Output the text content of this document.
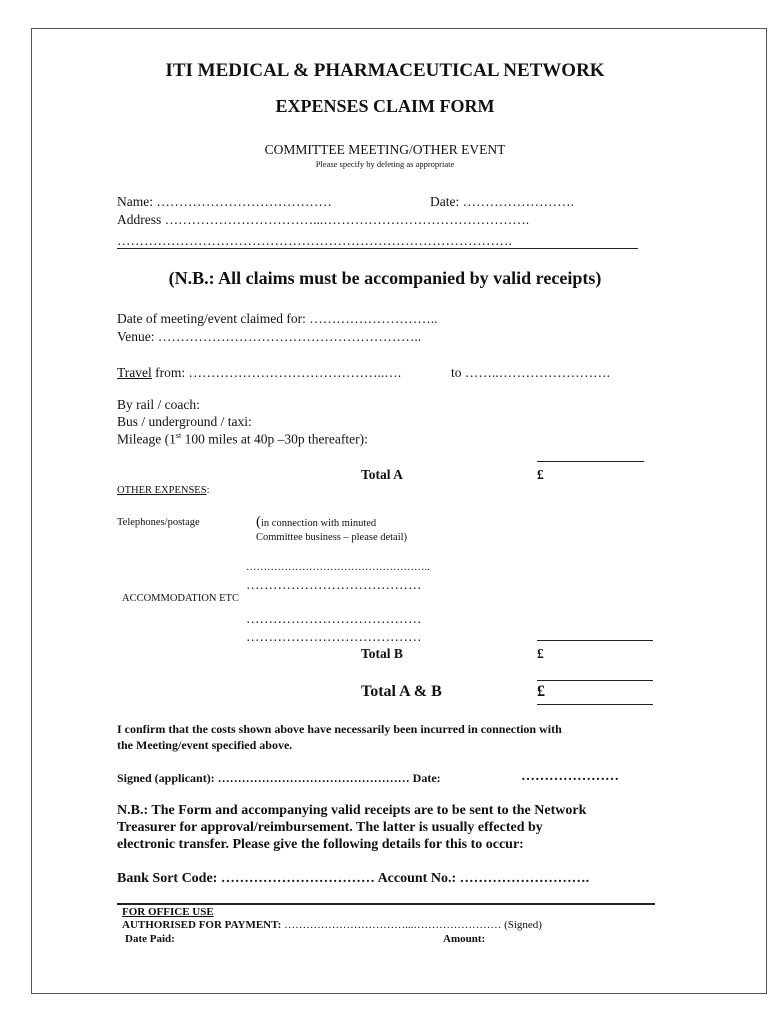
ITI MEDICAL & PHARMACEUTICAL NETWORK
EXPENSES CLAIM FORM
COMMITTEE MEETING/OTHER EVENT
Please specify by deleting as appropriate
Name: …………………………………	Date: …………………….
Address ……………………………...……………………………………….
…………………………………………………………………………….
(N.B.: All claims must be accompanied by valid receipts)
Date of meeting/event claimed for: ………………………..
Venue: …………………………………………………..
Travel from: ……………………………………..….	to ……..…………………….
By rail / coach:
Bus / underground / taxi:
Mileage (1st 100 miles at 40p –30p thereafter):
Total A	£
OTHER EXPENSES:
Telephones/postage	(in connection with minuted
Committee business – please detail)
……………………………………………..
…………………………………
ACCOMMODATION ETC
…………………………………
…………………………………
Total B	£
Total A & B	£
I confirm that the costs shown above have necessarily been incurred in connection with
the Meeting/event specified above.
Signed (applicant): ………………………………………… Date:	…………………
N.B.: The Form and accompanying valid receipts are to be sent to the Network
Treasurer for approval/reimbursement. The latter is usually effected by
electronic transfer. Please give the following details for this to occur:
Bank Sort Code: …………………………… Account No.: ……………………….
FOR OFFICE USE
AUTHORISED FOR PAYMENT: ……………………………...…………………… (Signed)
Date Paid:	Amount:
